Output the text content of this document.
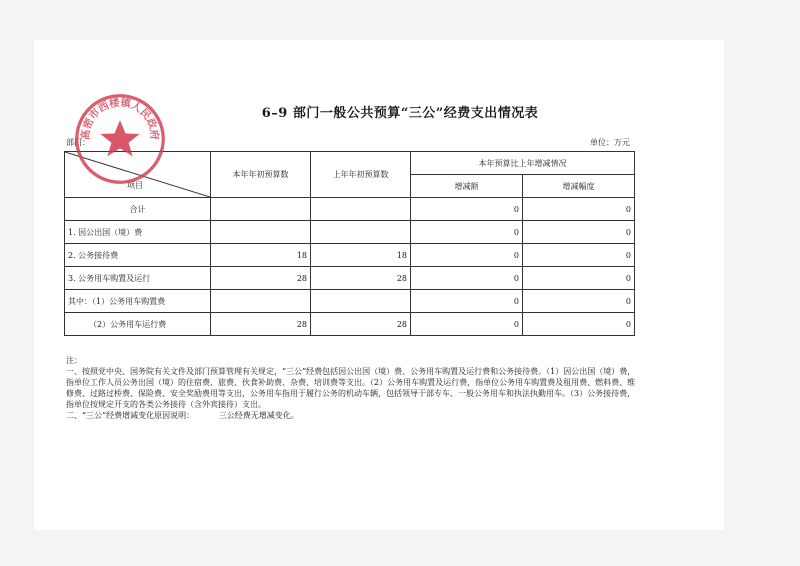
6–9 部门一般公共预算“三公”经费支出情况表
部门：	单位：万元
项目	本年年初预算数	上年年初预算数	本年预算比上年增减情况	
			增减额	增减幅度
合计			0	0
1. 因公出国（境）费			0	0
2. 公务接待费	18	18	0	0
3. 公务用车购置及运行	28	28	0	0
其中：（1）公务用车购置费			0	0
（2）公务用车运行费	28	28	0	0
高密市西楼镇人民政府

注：

一、按照党中央、国务院有关文件及部门预算管理有关规定，“三公”经费包括因公出国（境）费、公务用车购置及运行费和公务接待费。（1）因公出国（境）费，指单位工作人员公务出国（境）的住宿费、旅费、伙食补助费、杂费、培训费等支出。（2）公务用车购置及运行费，指单位公务用车购置费及租用费、燃料费、维修费、过路过桥费、保险费、安全奖励费用等支出，公务用车指用于履行公务的机动车辆，包括领导干部专车、一般公务用车和执法执勤用车。（3）公务接待费，指单位按规定开支的各类公务接待（含外宾接待）支出。

二、“三公”经费增减变化原因说明：	三公经费无增减变化。
